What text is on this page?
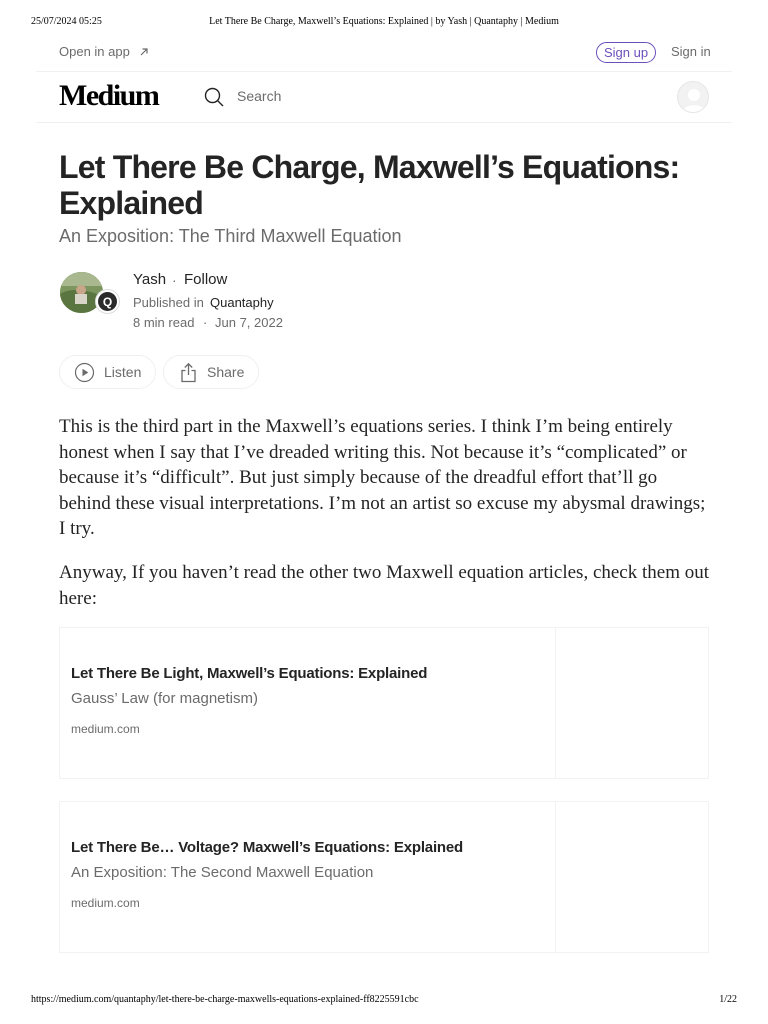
25/07/2024 05:25	Let There Be Charge, Maxwell’s Equations: Explained | by Yash | Quantaphy | Medium
Open in app	Sign up	Sign in
Medium	Search
Let There Be Charge, Maxwell’s Equations: Explained
An Exposition: The Third Maxwell Equation
Q
Yash · Follow
Published in Quantaphy
8 min read · Jun 7, 2022
Listen	Share

This is the third part in the Maxwell’s equations series. I think I’m being entirely honest when I say that I’ve dreaded writing this. Not because it’s “complicated” or because it’s “difficult”. But just simply because of the dreadful effort that’ll go behind these visual interpretations. I’m not an artist so excuse my abysmal drawings; I try.

Anyway, If you haven’t read the other two Maxwell equation articles, check them out here:

Let There Be Light, Maxwell’s Equations: Explained
Gauss’ Law (for magnetism)
medium.com
Let There Be… Voltage? Maxwell’s Equations: Explained
An Exposition: The Second Maxwell Equation
medium.com
https://medium.com/quantaphy/let-there-be-charge-maxwells-equations-explained-ff8225591cbc	1/22
